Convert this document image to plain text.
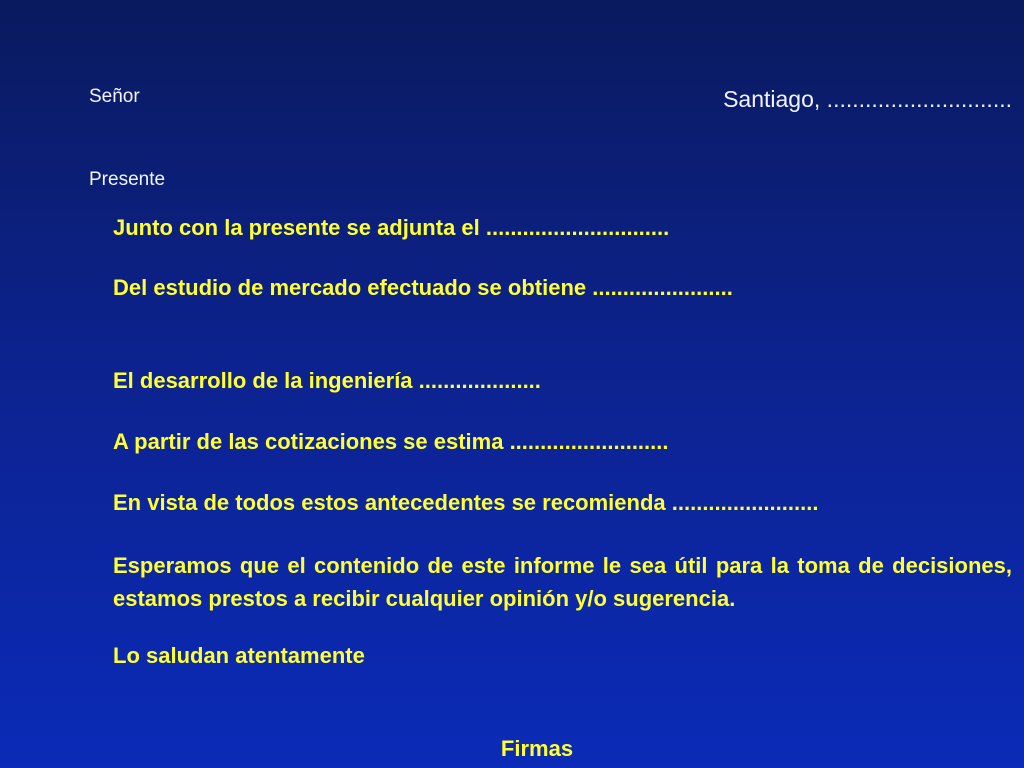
Señor	Santiago, .............................
Presente
Junto con la presente se adjunta el ..............................
Del estudio de mercado efectuado se obtiene .......................
El desarrollo de la ingeniería ....................
A partir de las cotizaciones se estima ..........................
En vista de todos estos antecedentes se recomienda ........................
Esperamos que el contenido de este informe le sea útil para la toma de decisiones, estamos prestos a recibir cualquier opinión y/o sugerencia.
Lo saludan atentamente
Firmas
